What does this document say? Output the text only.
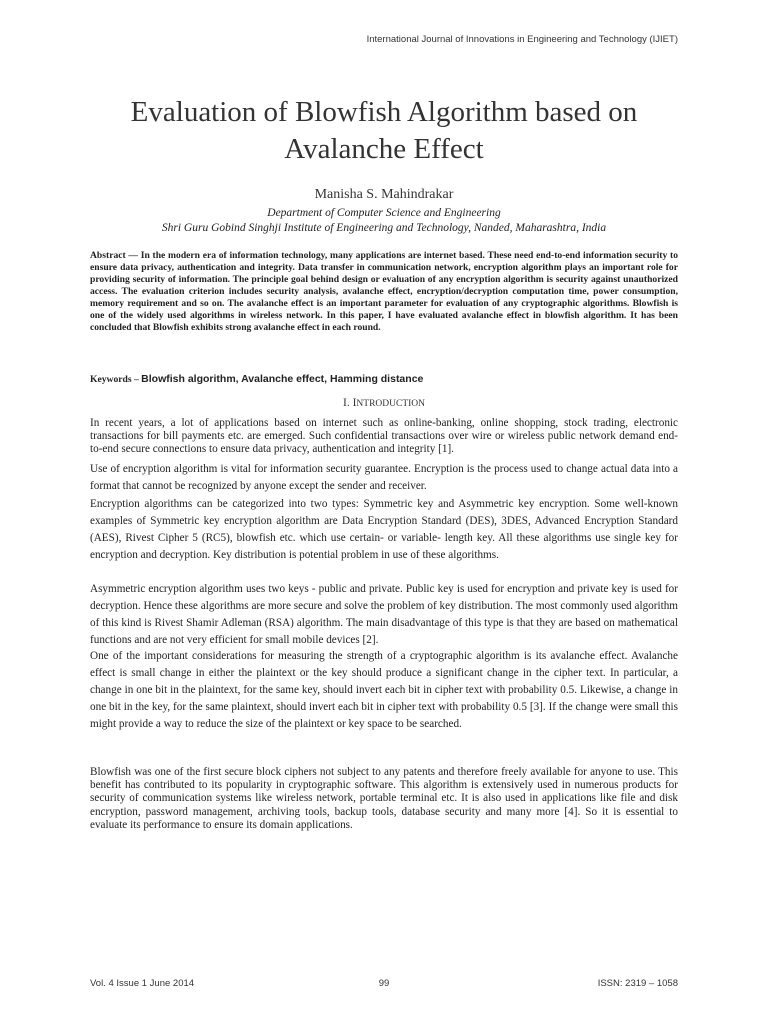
International Journal of Innovations in Engineering and Technology (IJIET)
Evaluation of Blowfish Algorithm based on
Avalanche Effect
Manisha S. Mahindrakar
Department of Computer Science and Engineering
Shri Guru Gobind Singhji Institute of Engineering and Technology, Nanded, Maharashtra, India
Abstract — In the modern era of information technology, many applications are internet based. These need end-to-end information security to ensure data privacy, authentication and integrity. Data transfer in communication network, encryption algorithm plays an important role for providing security of information. The principle goal behind design or evaluation of any encryption algorithm is security against unauthorized access. The evaluation criterion includes security analysis, avalanche effect, encryption/decryption computation time, power consumption, memory requirement and so on. The avalanche effect is an important parameter for evaluation of any cryptographic algorithms. Blowfish is one of the widely used algorithms in wireless network. In this paper, I have evaluated avalanche effect in blowfish algorithm. It has been concluded that Blowfish exhibits strong avalanche effect in each round.
Keywords – Blowfish algorithm, Avalanche effect, Hamming distance
I. INTRODUCTION

In recent years, a lot of applications based on internet such as online-banking, online shopping, stock trading, electronic transactions for bill payments etc. are emerged. Such confidential transactions over wire or wireless public network demand end-to-end secure connections to ensure data privacy, authentication and integrity [1].

Use of encryption algorithm is vital for information security guarantee. Encryption is the process used to change actual data into a format that cannot be recognized by anyone except the sender and receiver.

Encryption algorithms can be categorized into two types: Symmetric key and Asymmetric key encryption. Some well-known examples of Symmetric key encryption algorithm are Data Encryption Standard (DES), 3DES, Advanced Encryption Standard (AES), Rivest Cipher 5 (RC5), blowfish etc. which use certain- or variable- length key. All these algorithms use single key for encryption and decryption. Key distribution is potential problem in use of these algorithms.

Asymmetric encryption algorithm uses two keys - public and private. Public key is used for encryption and private key is used for decryption. Hence these algorithms are more secure and solve the problem of key distribution. The most commonly used algorithm of this kind is Rivest Shamir Adleman (RSA) algorithm. The main disadvantage of this type is that they are based on mathematical functions and are not very efficient for small mobile devices [2].

One of the important considerations for measuring the strength of a cryptographic algorithm is its avalanche effect. Avalanche effect is small change in either the plaintext or the key should produce a significant change in the cipher text. In particular, a change in one bit in the plaintext, for the same key, should invert each bit in cipher text with probability 0.5. Likewise, a change in one bit in the key, for the same plaintext, should invert each bit in cipher text with probability 0.5 [3]. If the change were small this might provide a way to reduce the size of the plaintext or key space to be searched.

Blowfish was one of the first secure block ciphers not subject to any patents and therefore freely available for anyone to use. This benefit has contributed to its popularity in cryptographic software. This algorithm is extensively used in numerous products for security of communication systems like wireless network, portable terminal etc. It is also used in applications like file and disk encryption, password management, archiving tools, backup tools, database security and many more [4]. So it is essential to evaluate its performance to ensure its domain applications.

Vol. 4 Issue 1 June 2014	99	ISSN: 2319 – 1058
